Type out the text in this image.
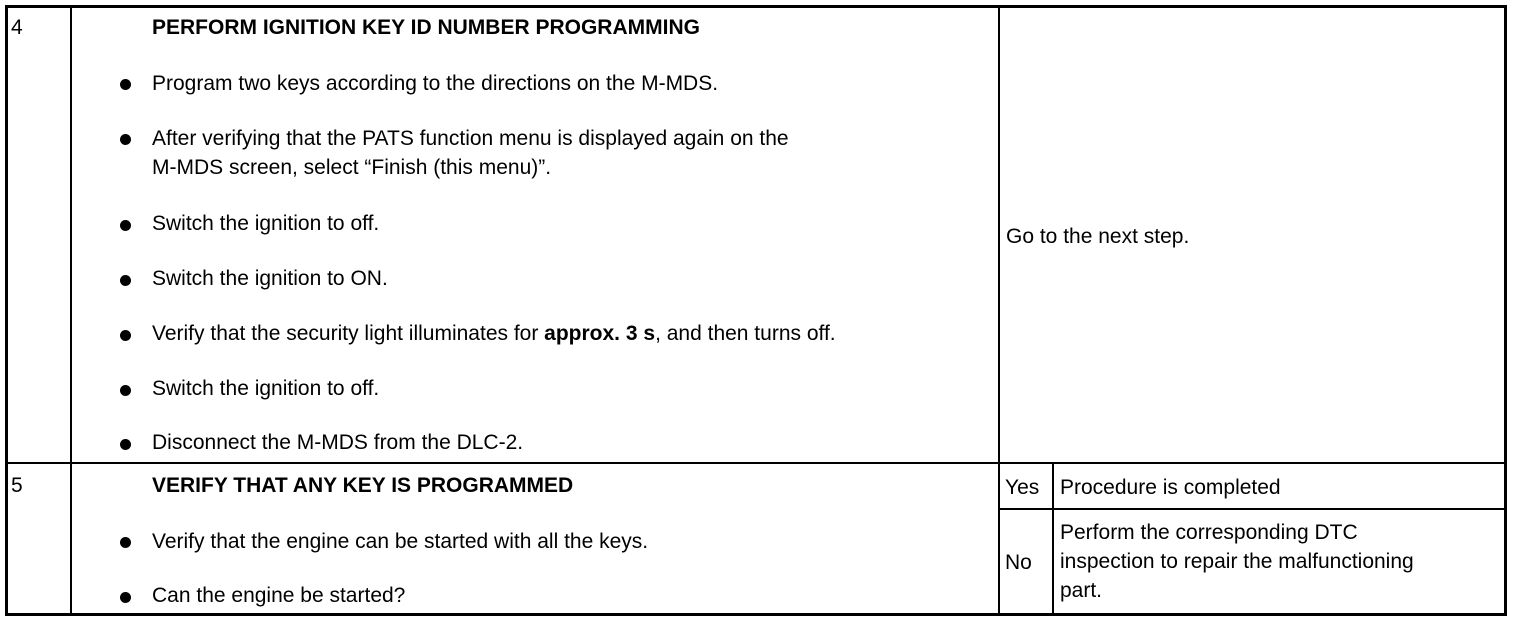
4	PERFORM IGNITION KEY ID NUMBER PROGRAMMING
Program two keys according to the directions on the M-MDS.
After verifying that the PATS function menu is displayed again on the
M-MDS screen, select “Finish (this menu)”.
Switch the ignition to off.
Switch the ignition to ON.
Verify that the security light illuminates for approx. 3 s, and then turns off.
Switch the ignition to off.
Disconnect the M-MDS from the DLC-2.
Go to the next step.
5	VERIFY THAT ANY KEY IS PROGRAMMED
Verify that the engine can be started with all the keys.
Can the engine be started?
Yes Procedure is completed
No
Perform the corresponding DTC
inspection to repair the malfunctioning
part.
